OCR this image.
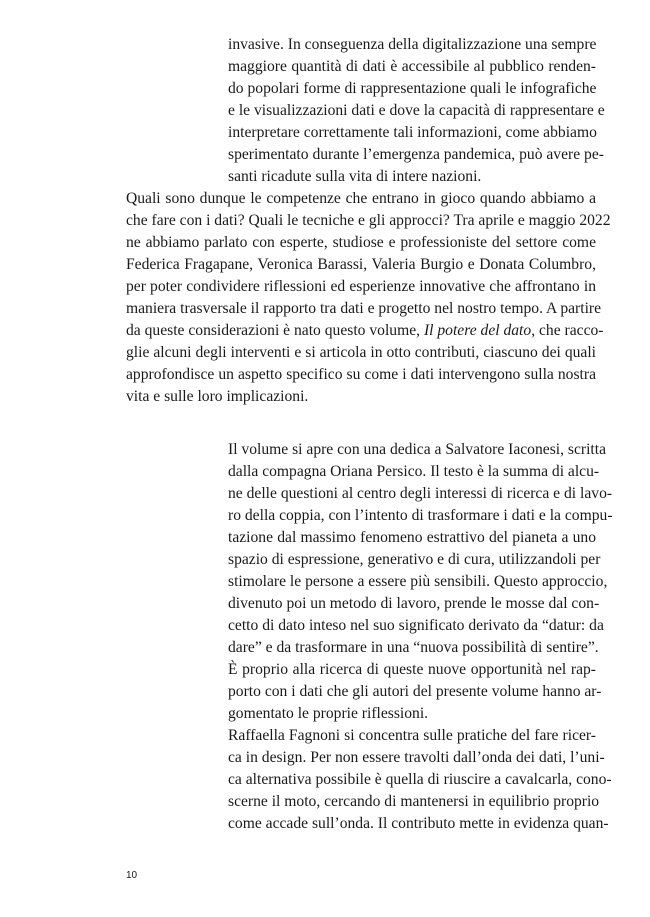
invasive. In conseguenza della digitalizzazione una sempre

maggiore quantità di dati è accessibile al pubblico renden-

do popolari forme di rappresentazione quali le infografiche

e le visualizzazioni dati e dove la capacità di rappresentare e

interpretare correttamente tali informazioni, come abbiamo

sperimentato durante l’emergenza pandemica, può avere pe-

santi ricadute sulla vita di intere nazioni.

Quali sono dunque le competenze che entrano in gioco quando abbiamo a

che fare con i dati? Quali le tecniche e gli approcci? Tra aprile e maggio 2022

ne abbiamo parlato con esperte, studiose e professioniste del settore come

Federica Fragapane, Veronica Barassi, Valeria Burgio e Donata Columbro,

per poter condividere riflessioni ed esperienze innovative che affrontano in

maniera trasversale il rapporto tra dati e progetto nel nostro tempo. A partire

da queste considerazioni è nato questo volume, Il potere del dato, che racco-

glie alcuni degli interventi e si articola in otto contributi, ciascuno dei quali

approfondisce un aspetto specifico su come i dati intervengono sulla nostra

vita e sulle loro implicazioni.

Il volume si apre con una dedica a Salvatore Iaconesi, scritta

dalla compagna Oriana Persico. Il testo è la summa di alcu-

ne delle questioni al centro degli interessi di ricerca e di lavo-

ro della coppia, con l’intento di trasformare i dati e la compu-

tazione dal massimo fenomeno estrattivo del pianeta a uno

spazio di espressione, generativo e di cura, utilizzandoli per

stimolare le persone a essere più sensibili. Questo approccio,

divenuto poi un metodo di lavoro, prende le mosse dal con-

cetto di dato inteso nel suo significato derivato da “datur: da

dare” e da trasformare in una “nuova possibilità di sentire”.

È proprio alla ricerca di queste nuove opportunità nel rap-

porto con i dati che gli autori del presente volume hanno ar-

gomentato le proprie riflessioni.

Raffaella Fagnoni si concentra sulle pratiche del fare ricer-

ca in design. Per non essere travolti dall’onda dei dati, l’uni-

ca alternativa possibile è quella di riuscire a cavalcarla, cono-

scerne il moto, cercando di mantenersi in equilibrio proprio

come accade sull’onda. Il contributo mette in evidenza quan-

10
